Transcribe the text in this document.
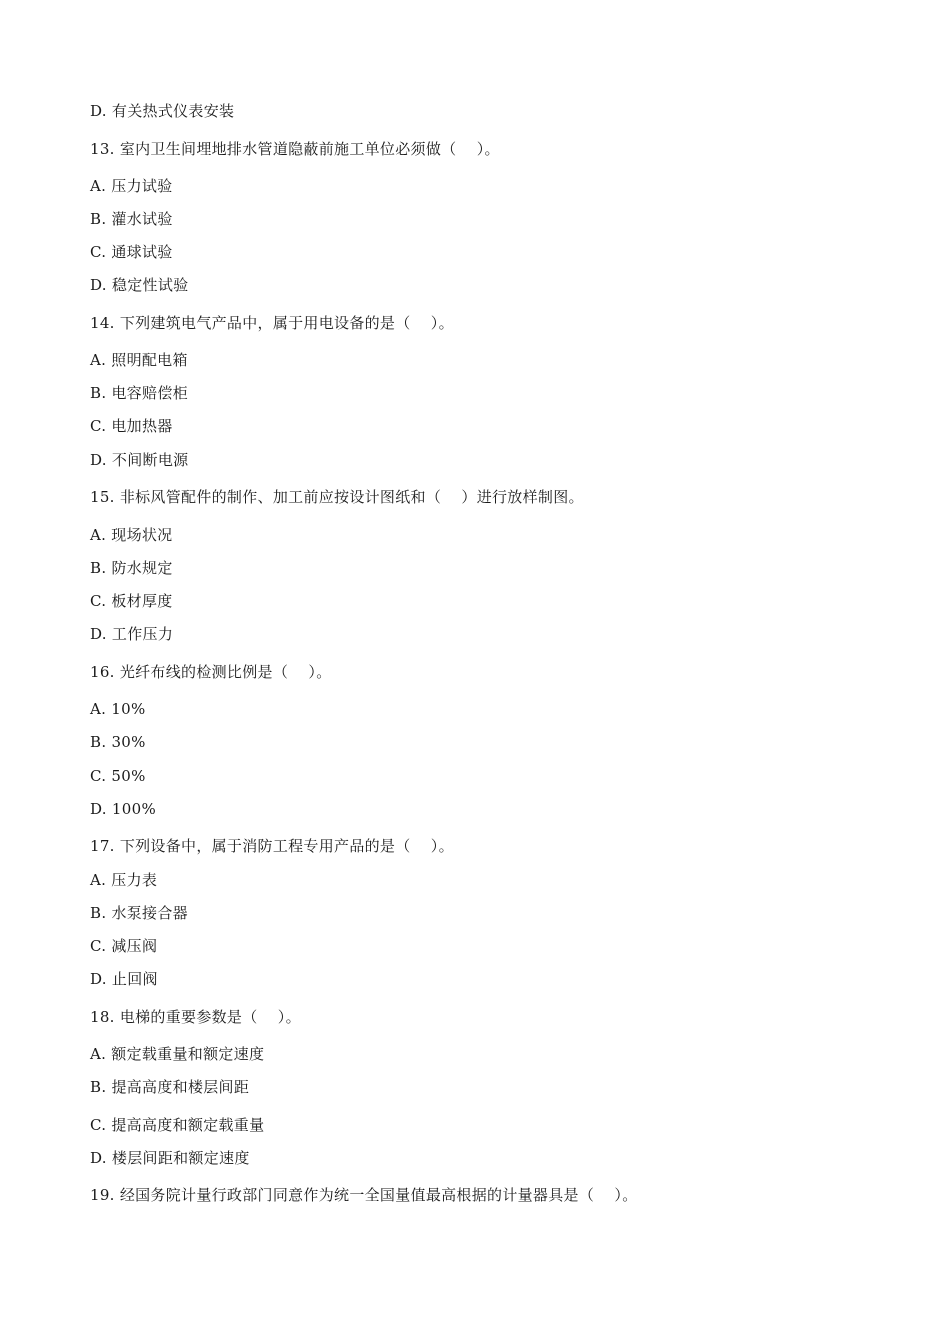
D. 有关热式仪表安装
13. 室内卫生间埋地排水管道隐蔽前施工单位必须做（    ）。
A. 压力试验
B. 灌水试验
C. 通球试验
D. 稳定性试验
14. 下列建筑电气产品中，属于用电设备的是（    ）。
A. 照明配电箱
B. 电容赔偿柜
C. 电加热器
D. 不间断电源
15. 非标风管配件的制作、加工前应按设计图纸和（    ）进行放样制图。
A. 现场状况
B. 防水规定
C. 板材厚度
D. 工作压力
16. 光纤布线的检测比例是（    ）。
A. 10%
B. 30%
C. 50%
D. 100%
17. 下列设备中，属于消防工程专用产品的是（    ）。
A. 压力表
B. 水泵接合器
C. 减压阀
D. 止回阀
18. 电梯的重要参数是（    ）。
A. 额定载重量和额定速度
B. 提高高度和楼层间距
C. 提高高度和额定载重量
D. 楼层间距和额定速度
19. 经国务院计量行政部门同意作为统一全国量值最高根据的计量器具是（    ）。
